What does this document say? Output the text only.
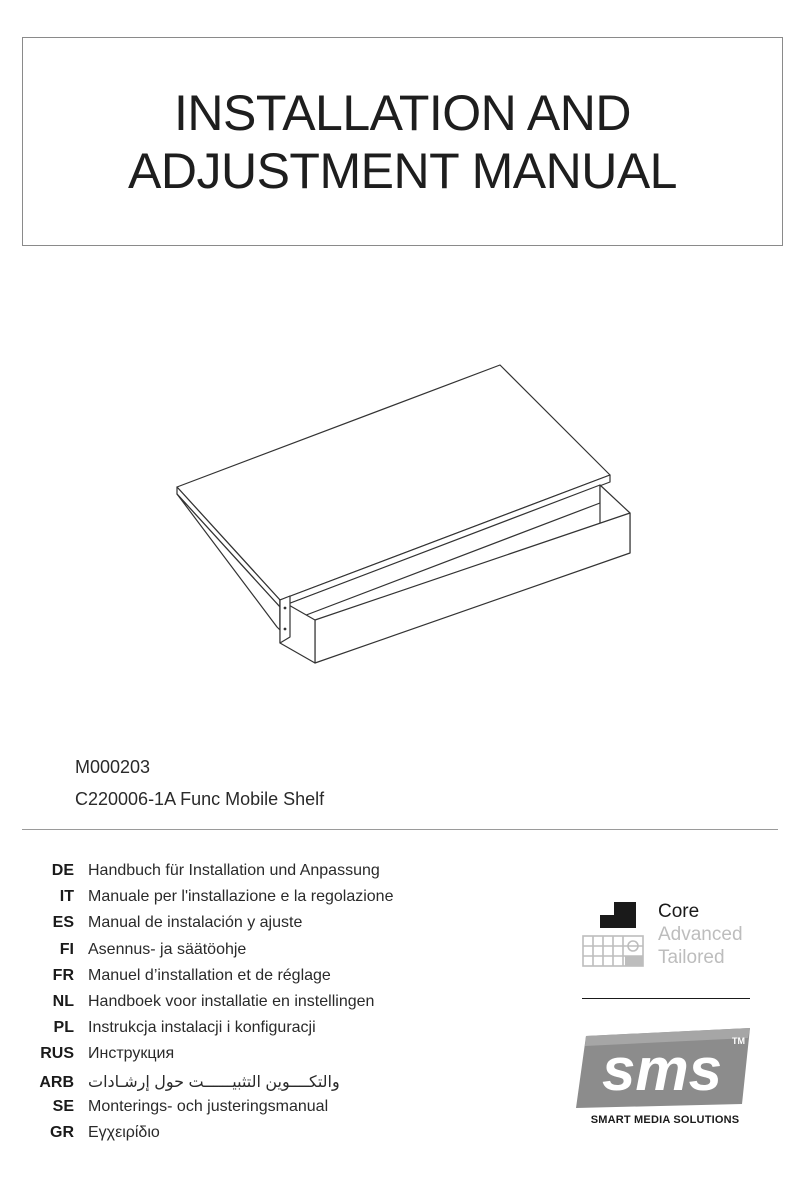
INSTALLATION AND
ADJUSTMENT MANUAL
M000203
C220006-1A Func Mobile Shelf
DE Handbuch für Installation und Anpassung
IT Manuale per l'installazione e la regolazione
ES Manual de instalación y ajuste
FI Asennus- ja säätöohje
FR Manuel d’installation et de réglage
NL Handboek voor installatie en instellingen
PL Instrukcja instalacji i konfiguracji
RUS Инструкция
ARB والتكــــوين التثبيــــــت حول إرشـادات
SE Monterings- och justeringsmanual
GR Εγχειρίδιο
Core
Advanced
Tailored
sms TM
SMART MEDIA SOLUTIONS
